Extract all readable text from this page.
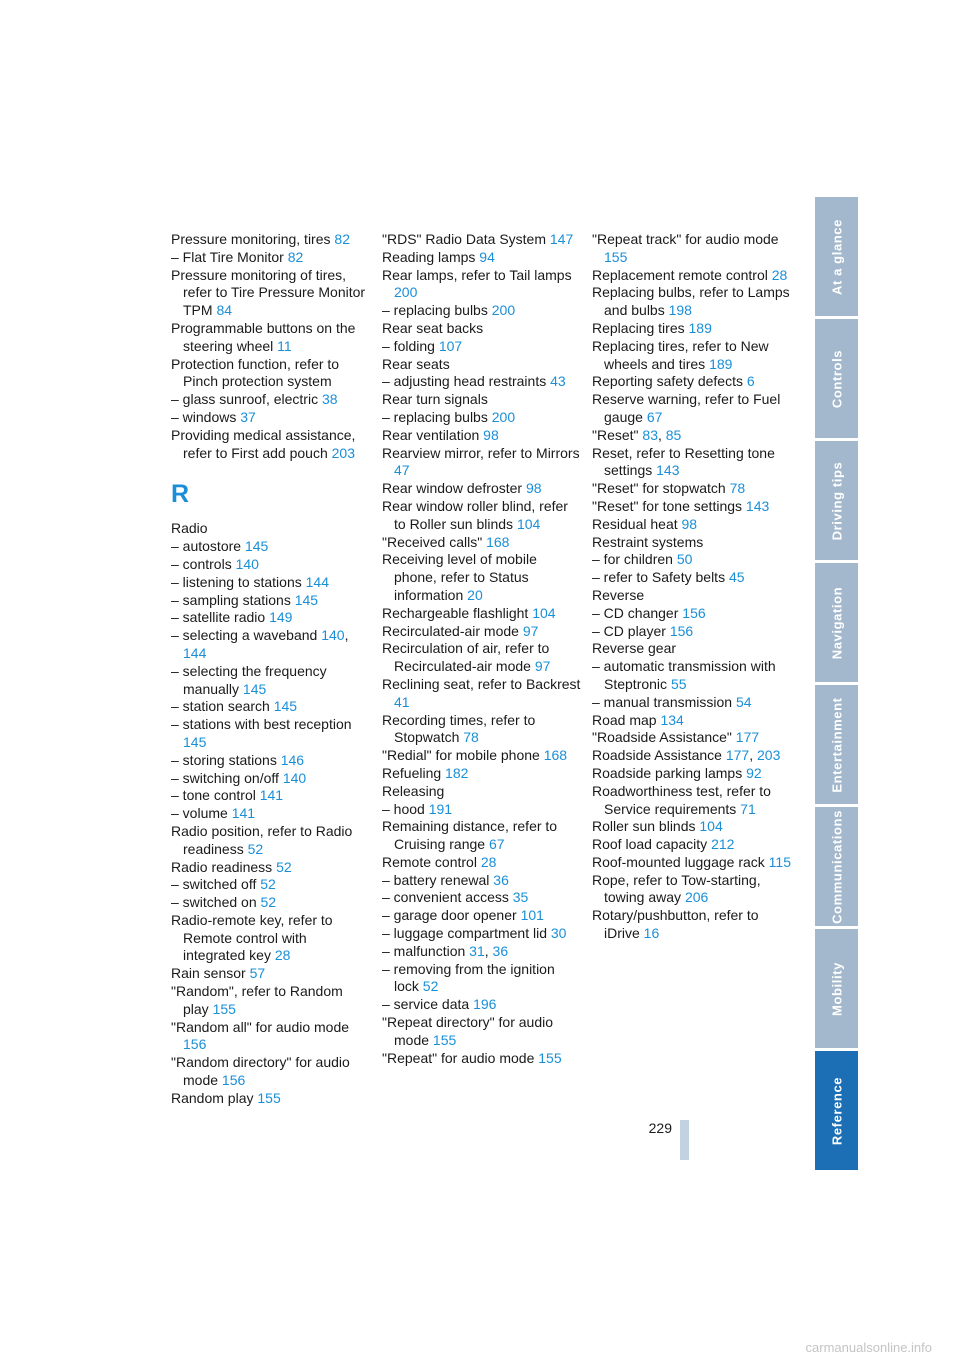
Pressure monitoring, tires 82
– Flat Tire Monitor 82
Pressure monitoring of tires, refer to Tire Pressure Monitor TPM 84
Programmable buttons on the steering wheel 11
Protection function, refer to Pinch protection system
– glass sunroof, electric 38
– windows 37
Providing medical assistance, refer to First add pouch 203
R
Radio
– autostore 145
– controls 140
– listening to stations 144
– sampling stations 145
– satellite radio 149
– selecting a waveband 140, 144
– selecting the frequency manually 145
– station search 145
– stations with best reception 145
– storing stations 146
– switching on/off 140
– tone control 141
– volume 141
Radio position, refer to Radio readiness 52
Radio readiness 52
– switched off 52
– switched on 52
Radio-remote key, refer to Remote control with integrated key 28
Rain sensor 57
"Random", refer to Random play 155
"Random all" for audio mode 156
"Random directory" for audio mode 156
Random play 155
"RDS" Radio Data System 147
Reading lamps 94
Rear lamps, refer to Tail lamps 200
– replacing bulbs 200
Rear seat backs
– folding 107
Rear seats
– adjusting head restraints 43
Rear turn signals
– replacing bulbs 200
Rear ventilation 98
Rearview mirror, refer to Mirrors 47
Rear window defroster 98
Rear window roller blind, refer to Roller sun blinds 104
"Received calls" 168
Receiving level of mobile phone, refer to Status information 20
Rechargeable flashlight 104
Recirculated-air mode 97
Recirculation of air, refer to Recirculated-air mode 97
Reclining seat, refer to Backrest 41
Recording times, refer to Stopwatch 78
"Redial" for mobile phone 168
Refueling 182
Releasing
– hood 191
Remaining distance, refer to Cruising range 67
Remote control 28
– battery renewal 36
– convenient access 35
– garage door opener 101
– luggage compartment lid 30
– malfunction 31, 36
– removing from the ignition lock 52
– service data 196
"Repeat directory" for audio mode 155
"Repeat" for audio mode 155
"Repeat track" for audio mode 155
Replacement remote control 28
Replacing bulbs, refer to Lamps and bulbs 198
Replacing tires 189
Replacing tires, refer to New wheels and tires 189
Reporting safety defects 6
Reserve warning, refer to Fuel gauge 67
"Reset" 83, 85
Reset, refer to Resetting tone settings 143
"Reset" for stopwatch 78
"Reset" for tone settings 143
Residual heat 98
Restraint systems
– for children 50
– refer to Safety belts 45
Reverse
– CD changer 156
– CD player 156
Reverse gear
– automatic transmission with Steptronic 55
– manual transmission 54
Road map 134
"Roadside Assistance" 177
Roadside Assistance 177, 203
Roadside parking lamps 92
Roadworthiness test, refer to Service requirements 71
Roller sun blinds 104
Roof load capacity 212
Roof-mounted luggage rack 115
Rope, refer to Tow-starting, towing away 206
Rotary/pushbutton, refer to iDrive 16
At a glance
Controls
Driving tips
Navigation
Entertainment
Communications
Mobility
Reference
229
carmanualsonline.info
